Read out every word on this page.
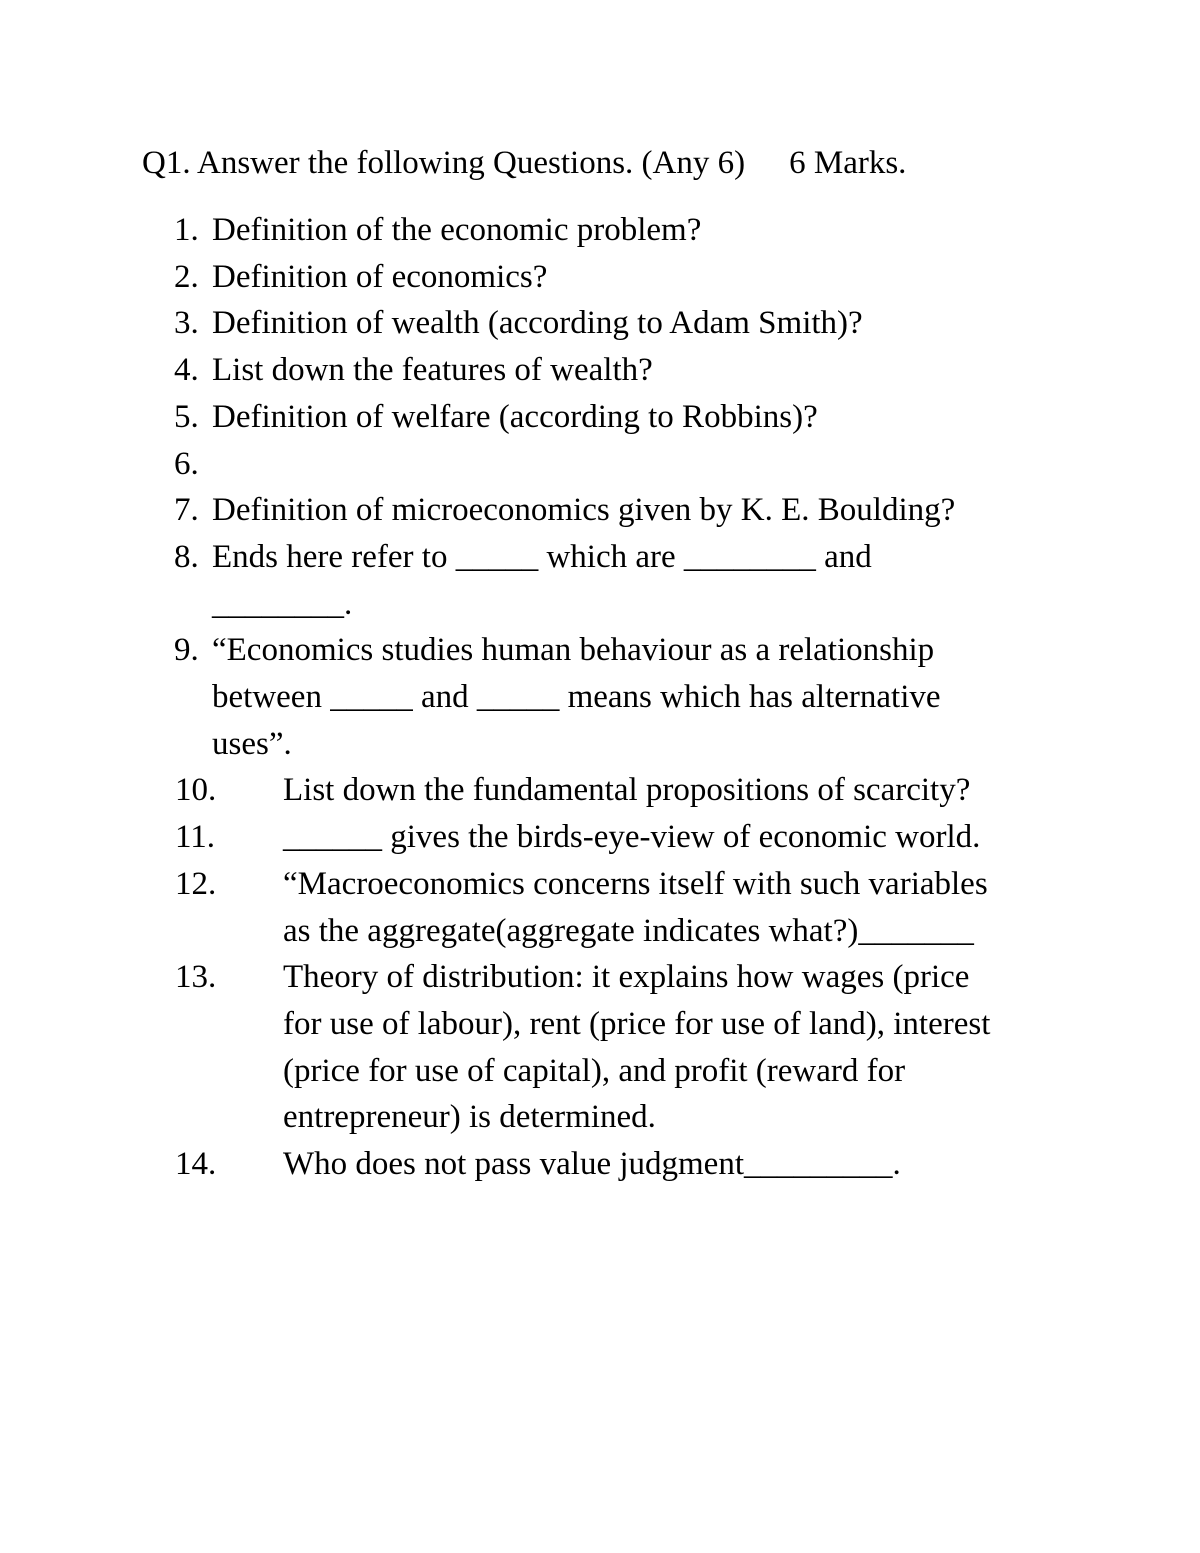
Q1. Answer the following Questions. (Any 6) 6 Marks.
1. Definition of the economic problem?
2. Definition of economics?
3. Definition of wealth (according to Adam Smith)?
4. List down the features of wealth?
5. Definition of welfare (according to Robbins)?
6.

7. Definition of microeconomics given by K. E. Boulding?
8. Ends here refer to _____ which are ________ and
________.
9. “Economics studies human behaviour as a relationship
between _____ and _____ means which has alternative
uses”.
10.	List down the fundamental propositions of scarcity?
11.	______ gives the birds-eye-view of economic world.
12.	“Macroeconomics concerns itself with such variables
as the aggregate(aggregate indicates what?)_______
13.	Theory of distribution: it explains how wages (price
for use of labour), rent (price for use of land), interest
(price for use of capital), and profit (reward for
entrepreneur) is determined.
14.	Who does not pass value judgment_________.
